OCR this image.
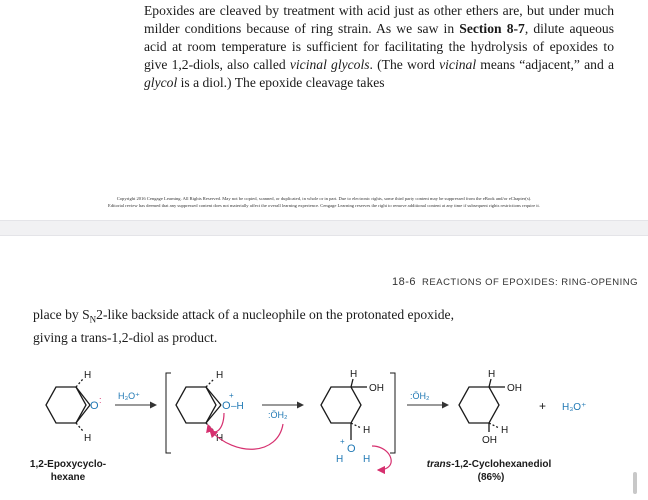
Epoxides are cleaved by treatment with acid just as other ethers are, but under much milder conditions because of ring strain. As we saw in Section 8-7, dilute aqueous acid at room temperature is sufficient for facilitating the hydrolysis of epoxides to give 1,2-diols, also called vicinal glycols. (The word vicinal means “adjacent,” and a glycol is a diol.) The epoxide cleavage takes

Copyright 2016 Cengage Learning. All Rights Reserved. May not be copied, scanned, or duplicated, in whole or in part. Due to electronic rights, some third party content may be suppressed from the eBook and/or eChapter(s).
Editorial review has deemed that any suppressed content does not materially affect the overall learning experience. Cengage Learning reserves the right to remove additional content at any time if subsequent rights restrictions require it.
18-6 REACTIONS OF EPOXIDES: RING-OPENING

place by $S_N2$-like backside attack of a nucleophile on the protonated epoxide,
giving a trans-1,2-diol as product.

H
H
O : H₃O⁺
H
H
O
+
–H
:ÖH₂
H
OH
H
O
+
H H
:ÖH₂
H
OH
H
OH
+ H₃O⁺
1,2-Epoxycyclo-
hexane
trans-1,2-Cyclohexanediol
(86%)
